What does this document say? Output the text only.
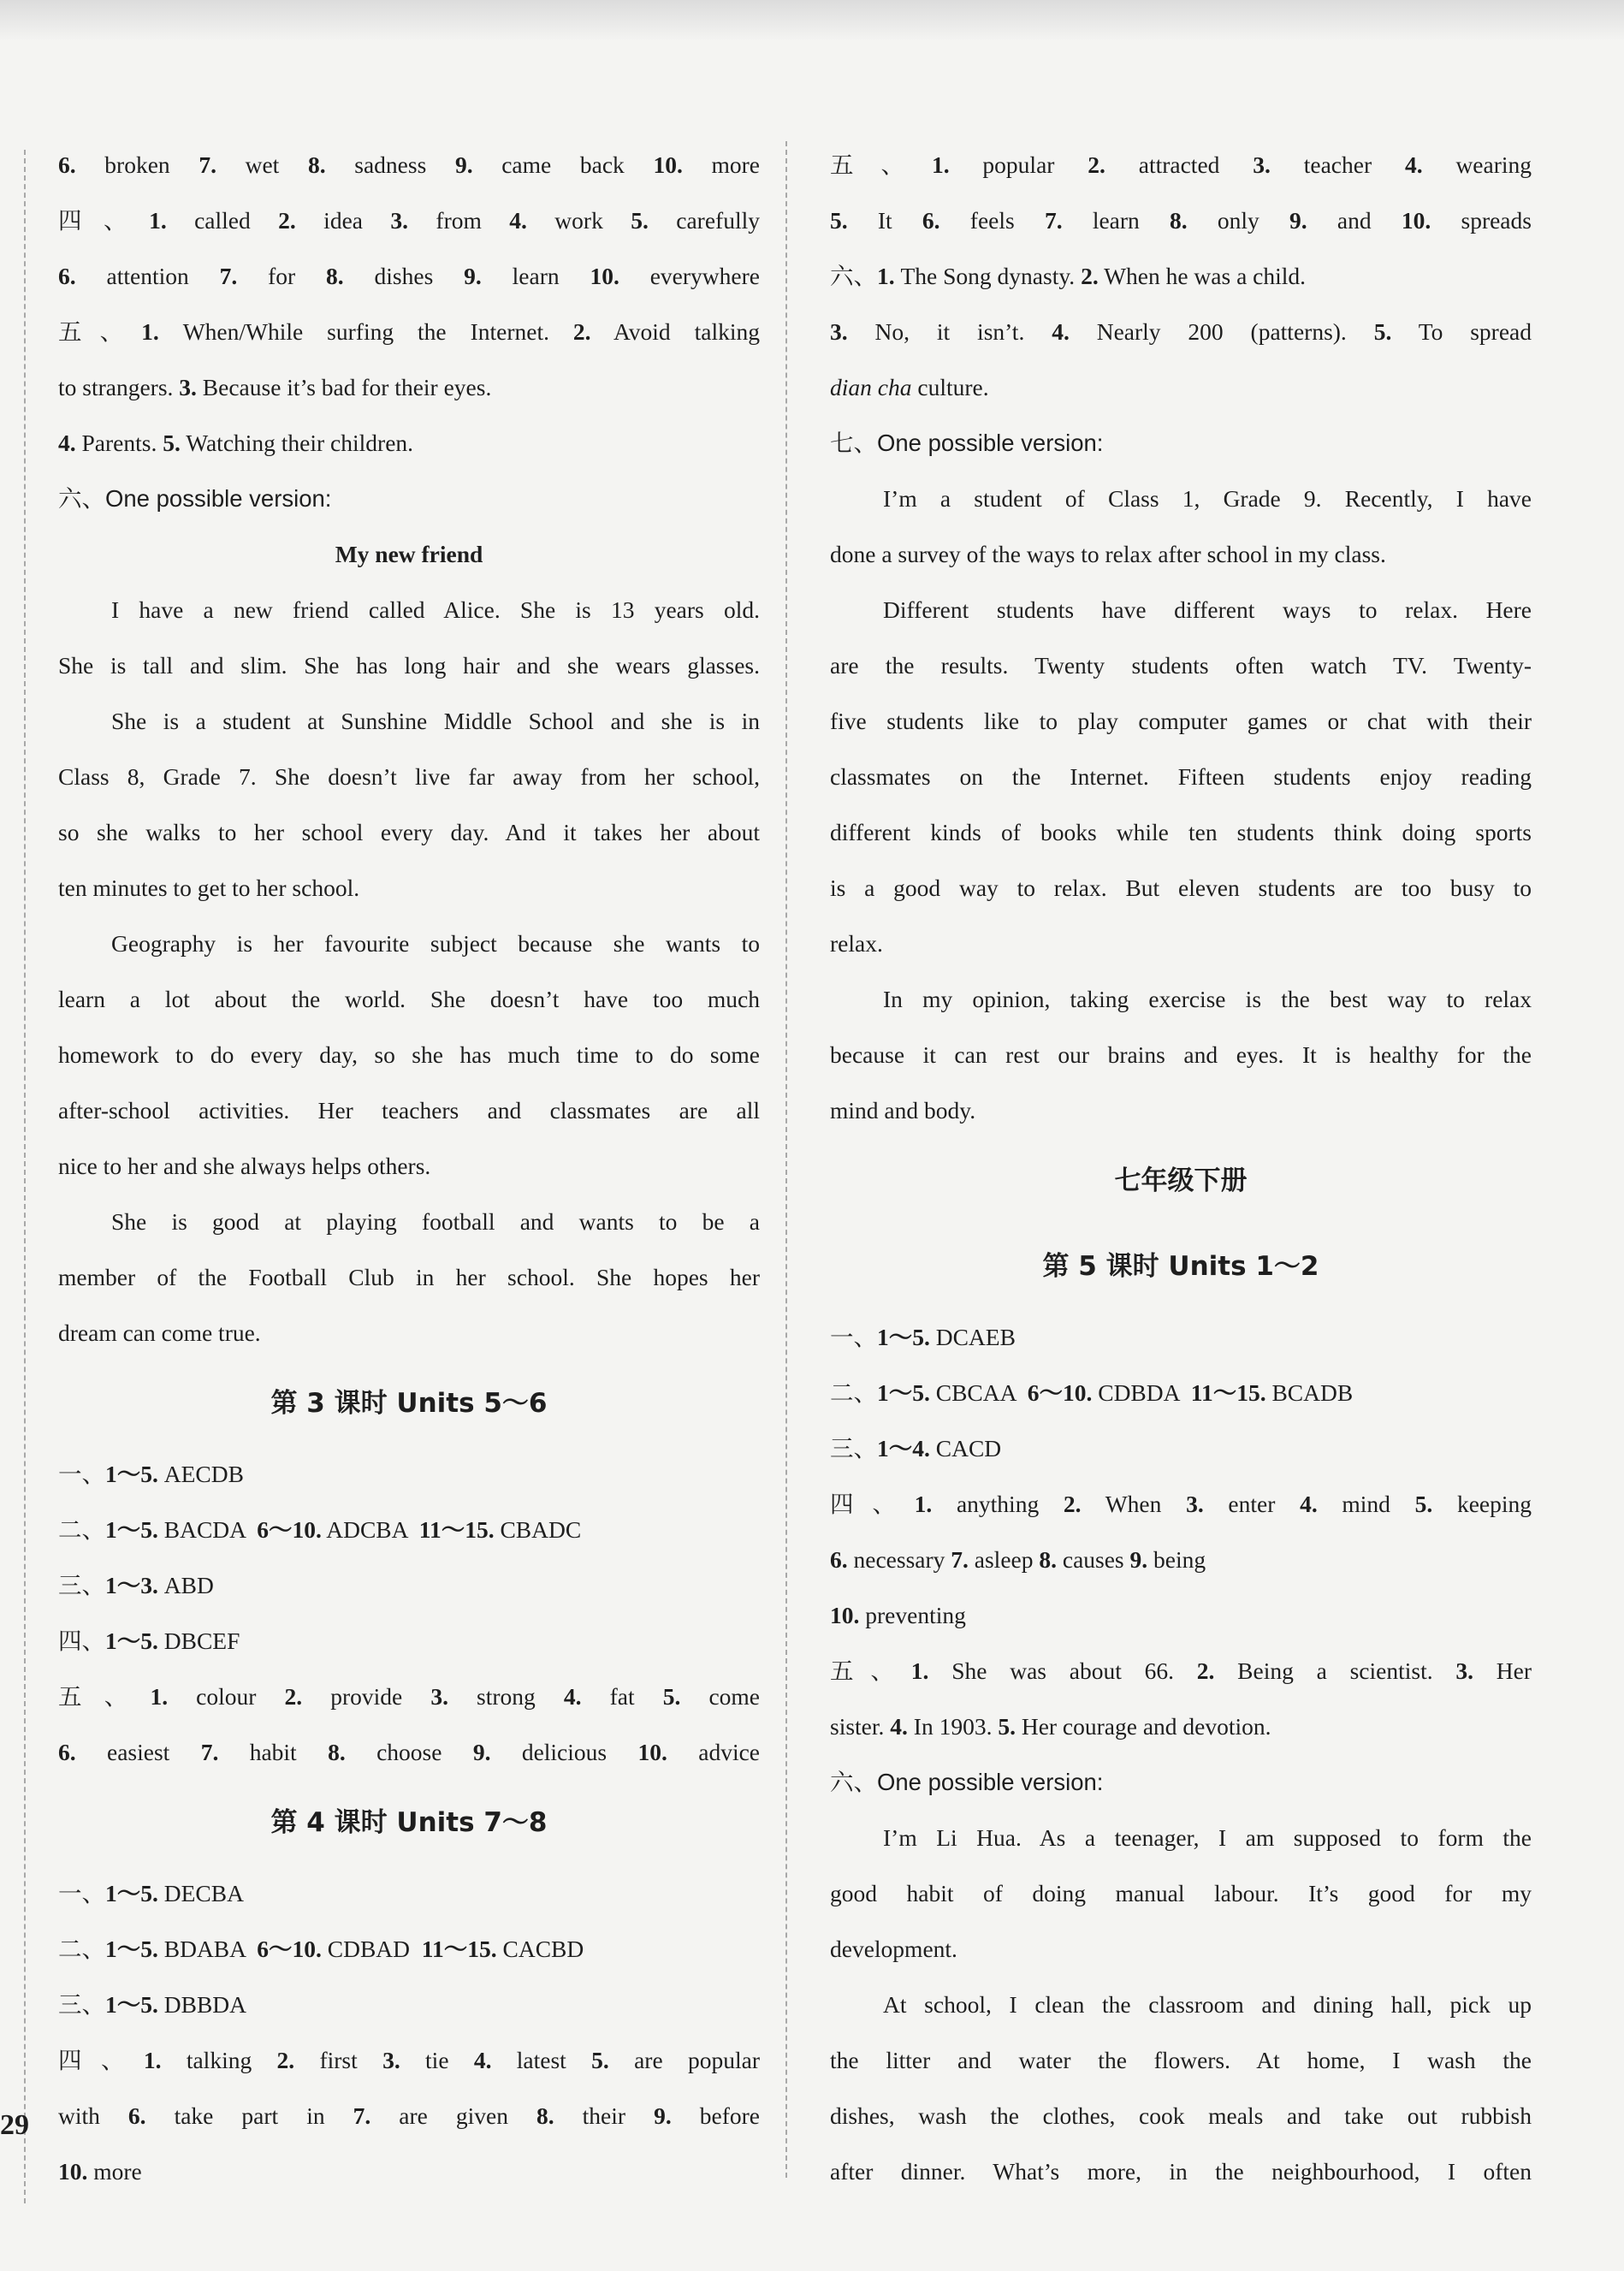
6. broken 7. wet 8. sadness 9. came back 10. more
四、1. called 2. idea 3. from 4. work 5. carefully
6. attention 7. for 8. dishes 9. learn 10. everywhere
五、1. When/While surfing the Internet. 2. Avoid talking
to strangers. 3. Because it’s bad for their eyes.
4. Parents. 5. Watching their children.
六、One possible version:
My new friend
I have a new friend called Alice. She is 13 years old.
She is tall and slim. She has long hair and she wears glasses.
She is a student at Sunshine Middle School and she is in
Class 8, Grade 7. She doesn’t live far away from her school,
so she walks to her school every day. And it takes her about
ten minutes to get to her school.
Geography is her favourite subject because she wants to
learn a lot about the world. She doesn’t have too much
homework to do every day, so she has much time to do some
after-school activities. Her teachers and classmates are all
nice to her and she always helps others.
She is good at playing football and wants to be a
member of the Football Club in her school. She hopes her
dream can come true.
第 3 课时 Units 5～6
一、1～5. AECDB
二、1～5. BACDA  6～10. ADCBA  11～15. CBADC
三、1～3. ABD
四、1～5. DBCEF
五、1. colour 2. provide 3. strong 4. fat 5. come
6. easiest 7. habit 8. choose 9. delicious 10. advice
第 4 课时 Units 7～8
一、1～5. DECBA
二、1～5. BDABA  6～10. CDBAD  11～15. CACBD
三、1～5. DBBDA
四、1. talking 2. first 3. tie 4. latest 5. are popular
with 6. take part in 7. are given 8. their 9. before
10. more
五、1. popular 2. attracted 3. teacher 4. wearing
5. It 6. feels 7. learn 8. only 9. and 10. spreads
六、1. The Song dynasty. 2. When he was a child.
3. No, it isn’t. 4. Nearly 200 (patterns). 5. To spread
dian cha culture.
七、One possible version:
I’m a student of Class 1, Grade 9. Recently, I have
done a survey of the ways to relax after school in my class.
Different students have different ways to relax. Here
are the results. Twenty students often watch TV. Twenty-
five students like to play computer games or chat with their
classmates on the Internet. Fifteen students enjoy reading
different kinds of books while ten students think doing sports
is a good way to relax. But eleven students are too busy to
relax.
In my opinion, taking exercise is the best way to relax
because it can rest our brains and eyes. It is healthy for the
mind and body.
七年级下册
第 5 课时 Units 1～2
一、1～5. DCAEB
二、1～5. CBCAA  6～10. CDBDA  11～15. BCADB
三、1～4. CACD
四、1. anything 2. When 3. enter 4. mind 5. keeping
6. necessary 7. asleep 8. causes 9. being
10. preventing
五、1. She was about 66. 2. Being a scientist. 3. Her
sister. 4. In 1903. 5. Her courage and devotion.
六、One possible version:
I’m Li Hua. As a teenager, I am supposed to form the
good habit of doing manual labour. It’s good for my
development.
At school, I clean the classroom and dining hall, pick up
the litter and water the flowers. At home, I wash the
dishes, wash the clothes, cook meals and take out rubbish
after dinner. What’s more, in the neighbourhood, I often
29
